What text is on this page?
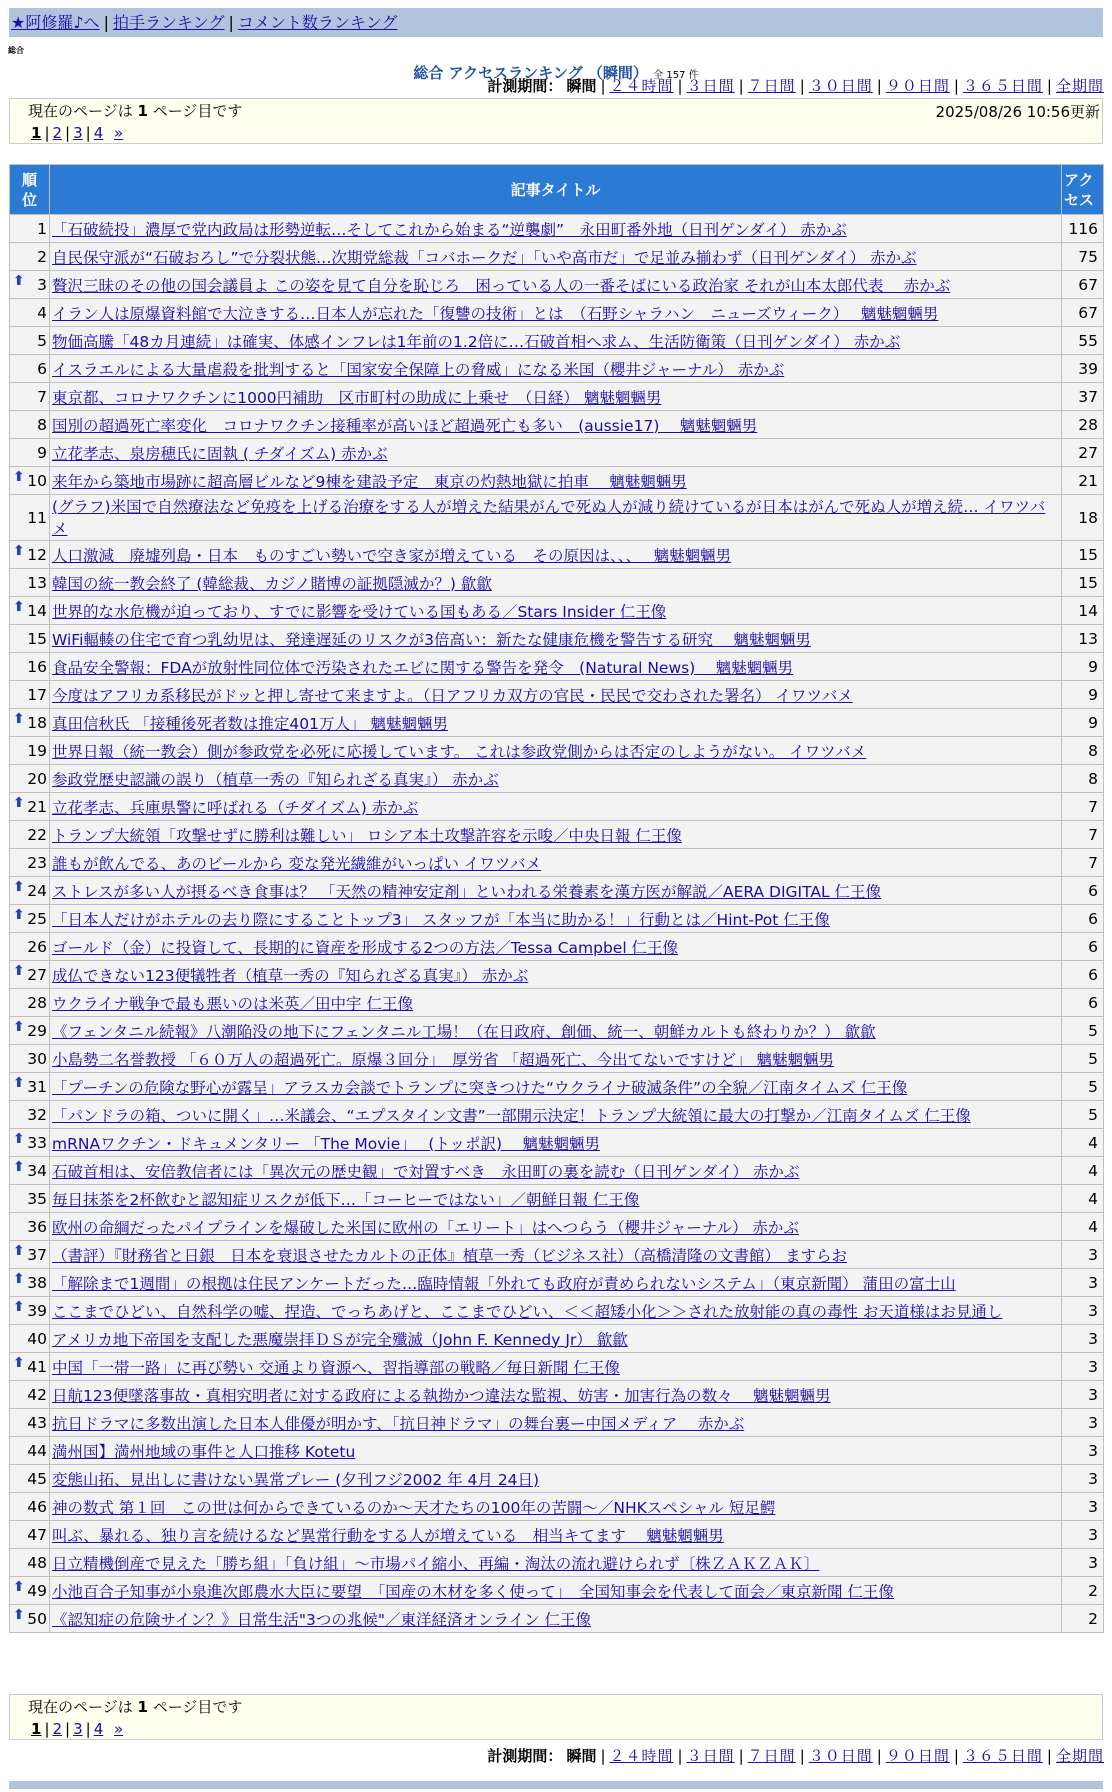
★阿修羅♪へ | 拍手ランキング | コメント数ランキング
総合
総合 アクセスランキング （瞬間） 全 157 件
計測期間： 瞬間 | ２４時間 | ３日間 | ７日間 | ３０日間 | ９０日間 | ３６５日間 | 全期間
現在のページは 1 ページ目です	2025/08/26 10:56更新
1 | 2 | 3 | 4 »
順位	記事タイトル	アクセス
1	「石破続投」濃厚で党内政局は形勢逆転…そしてこれから始まる“逆襲劇”　永田町番外地（日刊ゲンダイ） 赤かぶ	116
2	自民保守派が“石破おろし”で分裂状態…次期党総裁「コバホークだ」「いや高市だ」で足並み揃わず（日刊ゲンダイ） 赤かぶ	75

⬆ 3	贅沢三昧のその他の国会議員よ この姿を見て自分を恥じろ　困っている人の一番そばにいる政治家 それが山本太郎代表　 赤かぶ	67
4	イラン人は原爆資料館で大泣きする…日本人が忘れた「復讐の技術」とは　（石野シャラハン　ニューズウィーク）　 魑魅魍魎男	67
5	物価高騰「48カ月連続」は確実、体感インフレは1年前の1.2倍に…石破首相へ求ム、生活防衛策（日刊ゲンダイ） 赤かぶ	55
6	イスラエルによる大量虐殺を批判すると「国家安全保障上の脅威」になる米国（櫻井ジャーナル） 赤かぶ	39
7	東京都、コロナワクチンに1000円補助　区市町村の助成に上乗せ　（日経） 魑魅魍魎男	37
8	国別の超過死亡率変化　コロナワクチン接種率が高いほど超過死亡も多い　(aussie17)　 魑魅魍魎男	28
9	立花孝志、泉房穂氏に固執 ( チダイズム) 赤かぶ	27

⬆ 10	来年から築地市場跡に超高層ビルなど9棟を建設予定　東京の灼熱地獄に拍車　 魑魅魍魎男	21
11	(グラフ)米国で自然療法など免疫を上げる治療をする人が増えた結果がんで死ぬ人が減り続けているが日本はがんで死ぬ人が増え続… イワツバメ	18

⬆ 12	人口激減　廃墟列島・日本　ものすごい勢いで空き家が増えている　その原因は、、、　 魑魅魍魎男	15
13	韓国の統一教会終了 (韓総裁、カジノ賭博の証拠隠滅か？) 歙歙	15

⬆ 14	世界的な水危機が迫っており、すでに影響を受けている国もある／Stars Insider 仁王像	14
15	WiFi輻輳の住宅で育つ乳幼児は、発達遅延のリスクが3倍高い：新たな健康危機を警告する研究　 魑魅魍魎男	13
16	食品安全警報：FDAが放射性同位体で汚染されたエビに関する警告を発令　(Natural News)　 魑魅魍魎男	9
17	今度はアフリカ系移民がドッと押し寄せて来ますよ。（日アフリカ双方の官民・民民で交わされた署名） イワツバメ	9

⬆ 18	真田信秋氏 「接種後死者数は推定401万人」 魑魅魍魎男	9
19	世界日報（統一教会）側が参政党を必死に応援しています。 これは参政党側からは否定のしようがない。 イワツバメ	8
20	参政党歴史認識の誤り（植草一秀の『知られざる真実』） 赤かぶ	8

⬆ 21	立花孝志、兵庫県警に呼ばれる（チダイズム) 赤かぶ	7
22	トランプ大統領「攻撃せずに勝利は難しい」 ロシア本土攻撃許容を示唆／中央日報 仁王像	7
23	誰もが飲んでる、あのビールから 変な発光繊維がいっぱい イワツバメ	7

⬆ 24	ストレスが多い人が摂るべき食事は？ 「天然の精神安定剤」といわれる栄養素を漢方医が解説／AERA DIGITAL 仁王像	6

⬆ 25	「日本人だけがホテルの去り際にすることトップ3」 スタッフが「本当に助かる！」行動とは／Hint-Pot 仁王像	6
26	ゴールド（金）に投資して、長期的に資産を形成する2つの方法／Tessa Campbel 仁王像	6

⬆ 27	成仏できない123便犠牲者（植草一秀の『知られざる真実』） 赤かぶ	6
28	ウクライナ戦争で最も悪いのは米英／田中宇 仁王像	6

⬆ 29	《フェンタニル続報》八潮陥没の地下にフェンタニル工場！（在日政府、創価、統一、朝鮮カルトも終わりか？） 歙歙	5
30	小島勢二名誉教授 「６０万人の超過死亡。原爆３回分」　厚労省 「超過死亡、今出てないですけど」 魑魅魍魎男	5

⬆ 31	「プーチンの危険な野心が露呈」アラスカ会談でトランプに突きつけた“ウクライナ破滅条件”の全貌／江南タイムズ 仁王像	5
32	「パンドラの箱、ついに開く」…米議会、“エプスタイン文書”一部開示決定！トランプ大統領に最大の打撃か／江南タイムズ 仁王像	5

⬆ 33	mRNAワクチン・ドキュメンタリー 「The Movie」　 (トッポ訳)　 魑魅魍魎男	4

⬆ 34	石破首相は、安倍教信者には「異次元の歴史観」で対置すべき　永田町の裏を読む（日刊ゲンダイ） 赤かぶ	4
35	毎日抹茶を2杯飲むと認知症リスクが低下…「コーヒーではない」／朝鮮日報 仁王像	4
36	欧州の命綱だったパイプラインを爆破した米国に欧州の「エリート」はへつらう（櫻井ジャーナル） 赤かぶ	4

⬆ 37	（書評）『財務省と日銀　日本を衰退させたカルトの正体』植草一秀（ビジネス社）（高橋清隆の文書館） ますらお	3

⬆ 38	「解除まで1週間」の根拠は住民アンケートだった…臨時情報「外れても政府が責められないシステム」（東京新聞） 蒲田の富士山	3

⬆ 39	ここまでひどい、自然科学の嘘、捏造、でっちあげと、ここまでひどい、＜＜超矮小化＞＞された放射能の真の毒性 お天道様はお見通し	3
40	アメリカ地下帝国を支配した悪魔崇拝ＤＳが完全殲滅（John F. Kennedy Jr） 歙歙	3

⬆ 41	中国「一帯一路」に再び勢い 交通より資源へ、習指導部の戦略／毎日新聞 仁王像	3
42	日航123便墜落事故・真相究明者に対する政府による執拗かつ違法な監視、妨害・加害行為の数々　 魑魅魍魎男	3
43	抗日ドラマに多数出演した日本人俳優が明かす、「抗日神ドラマ」の舞台裏ー中国メディア　 赤かぶ	3
44	満州国】満州地域の事件と人口推移 Kotetu	3
45	変態山拓、見出しに書けない異常プレー (夕刊フジ2002 年 4月 24日)	3
46	神の数式 第１回　この世は何からできているのか～天才たちの100年の苦闘～／NHKスペシャル 短足鰐	3
47	叫ぶ、暴れる、独り言を続けるなど異常行動をする人が増えている　相当キてます　 魑魅魍魎男	3
48	日立精機倒産で見えた「勝ち組」「負け組」～市場パイ縮小、再編・淘汰の流れ避けられず〔株ＺＡＫＺＡＫ〕	3

⬆ 49	小池百合子知事が小泉進次郎農水大臣に要望　「国産の木材を多く使って」　全国知事会を代表して面会／東京新聞 仁王像	2

⬆ 50	《認知症の危険サイン？》日常生活"3つの兆候"／東洋経済オンライン 仁王像	2
現在のページは 1 ページ目です
1 | 2 | 3 | 4 »
計測期間： 瞬間 | ２４時間 | ３日間 | ７日間 | ３０日間 | ９０日間 | ３６５日間 | 全期間
